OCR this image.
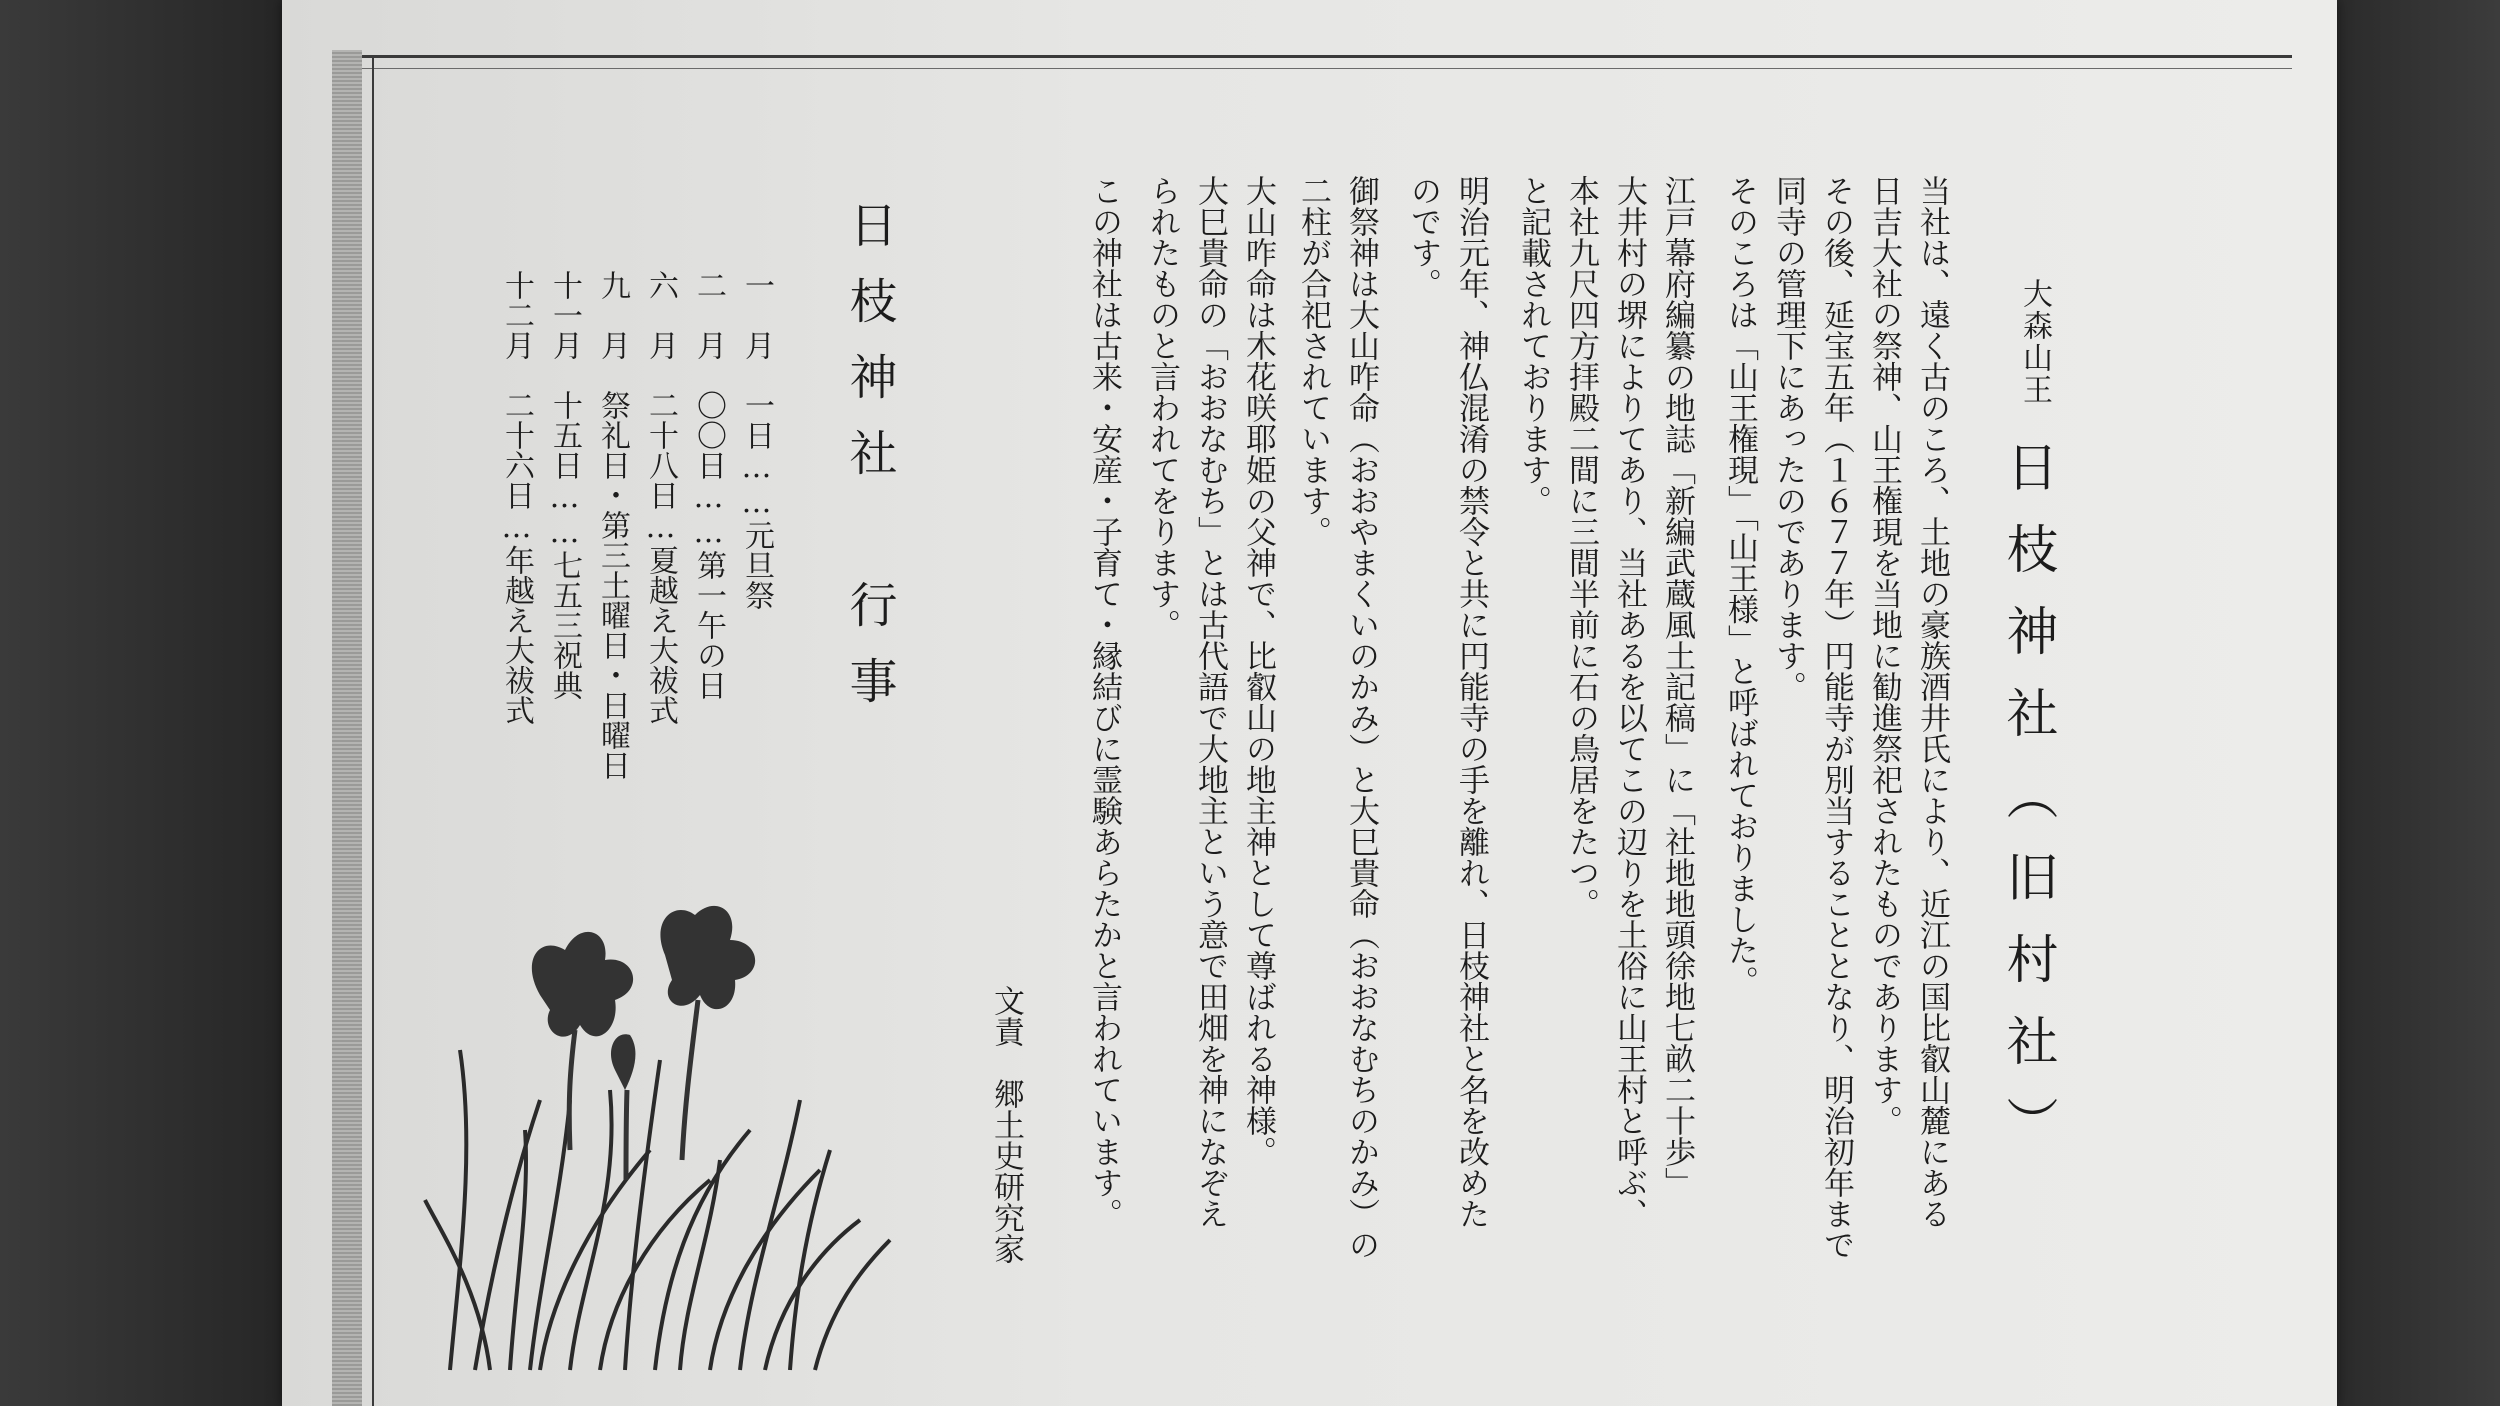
大森山王
日枝神社（旧村社）
当社は、遠く古のころ、土地の豪族酒井氏により、近江の国比叡山麓にある
日吉大社の祭神、山王権現を当地に勧進祭祀されたものであります。
その後、延宝五年（１６７７年）円能寺が別当することとなり、明治初年まで
同寺の管理下にあったのであります。
そのころは「山王権現」「山王様」と呼ばれておりました。
江戸幕府編纂の地誌「新編武蔵風土記稿」に「社地地頭徐地七畝二十歩」
大井村の堺によりてあり、当社あるを以てこの辺りを土俗に山王村と呼ぶ、
本社九尺四方拝殿二間に三間半前に石の鳥居をたつ。
と記載されております。
明治元年、神仏混淆の禁令と共に円能寺の手を離れ、日枝神社と名を改めた
のです。
御祭神は大山咋命（おおやまくいのかみ）と大巳貴命（おおなむちのかみ）の
二柱が合祀されています。
大山咋命は木花咲耶姫の父神で、比叡山の地主神として尊ばれる神様。
大巳貴命の「おおなむち」とは古代語で大地主という意で田畑を神になぞえ
られたものと言われてをります。
この神社は古来・安産・子育て・縁結びに霊験あらたかと言われています。
文責　郷土史研究家
日枝神社　行事
一　月　一日……元旦祭
二　月　〇〇日……第一午の日
六　月　二十八日…夏越え大祓式
九　月　祭礼日・第三土曜日・日曜日
十一月　十五日……七五三祝典
十二月　二十六日…年越え大祓式
